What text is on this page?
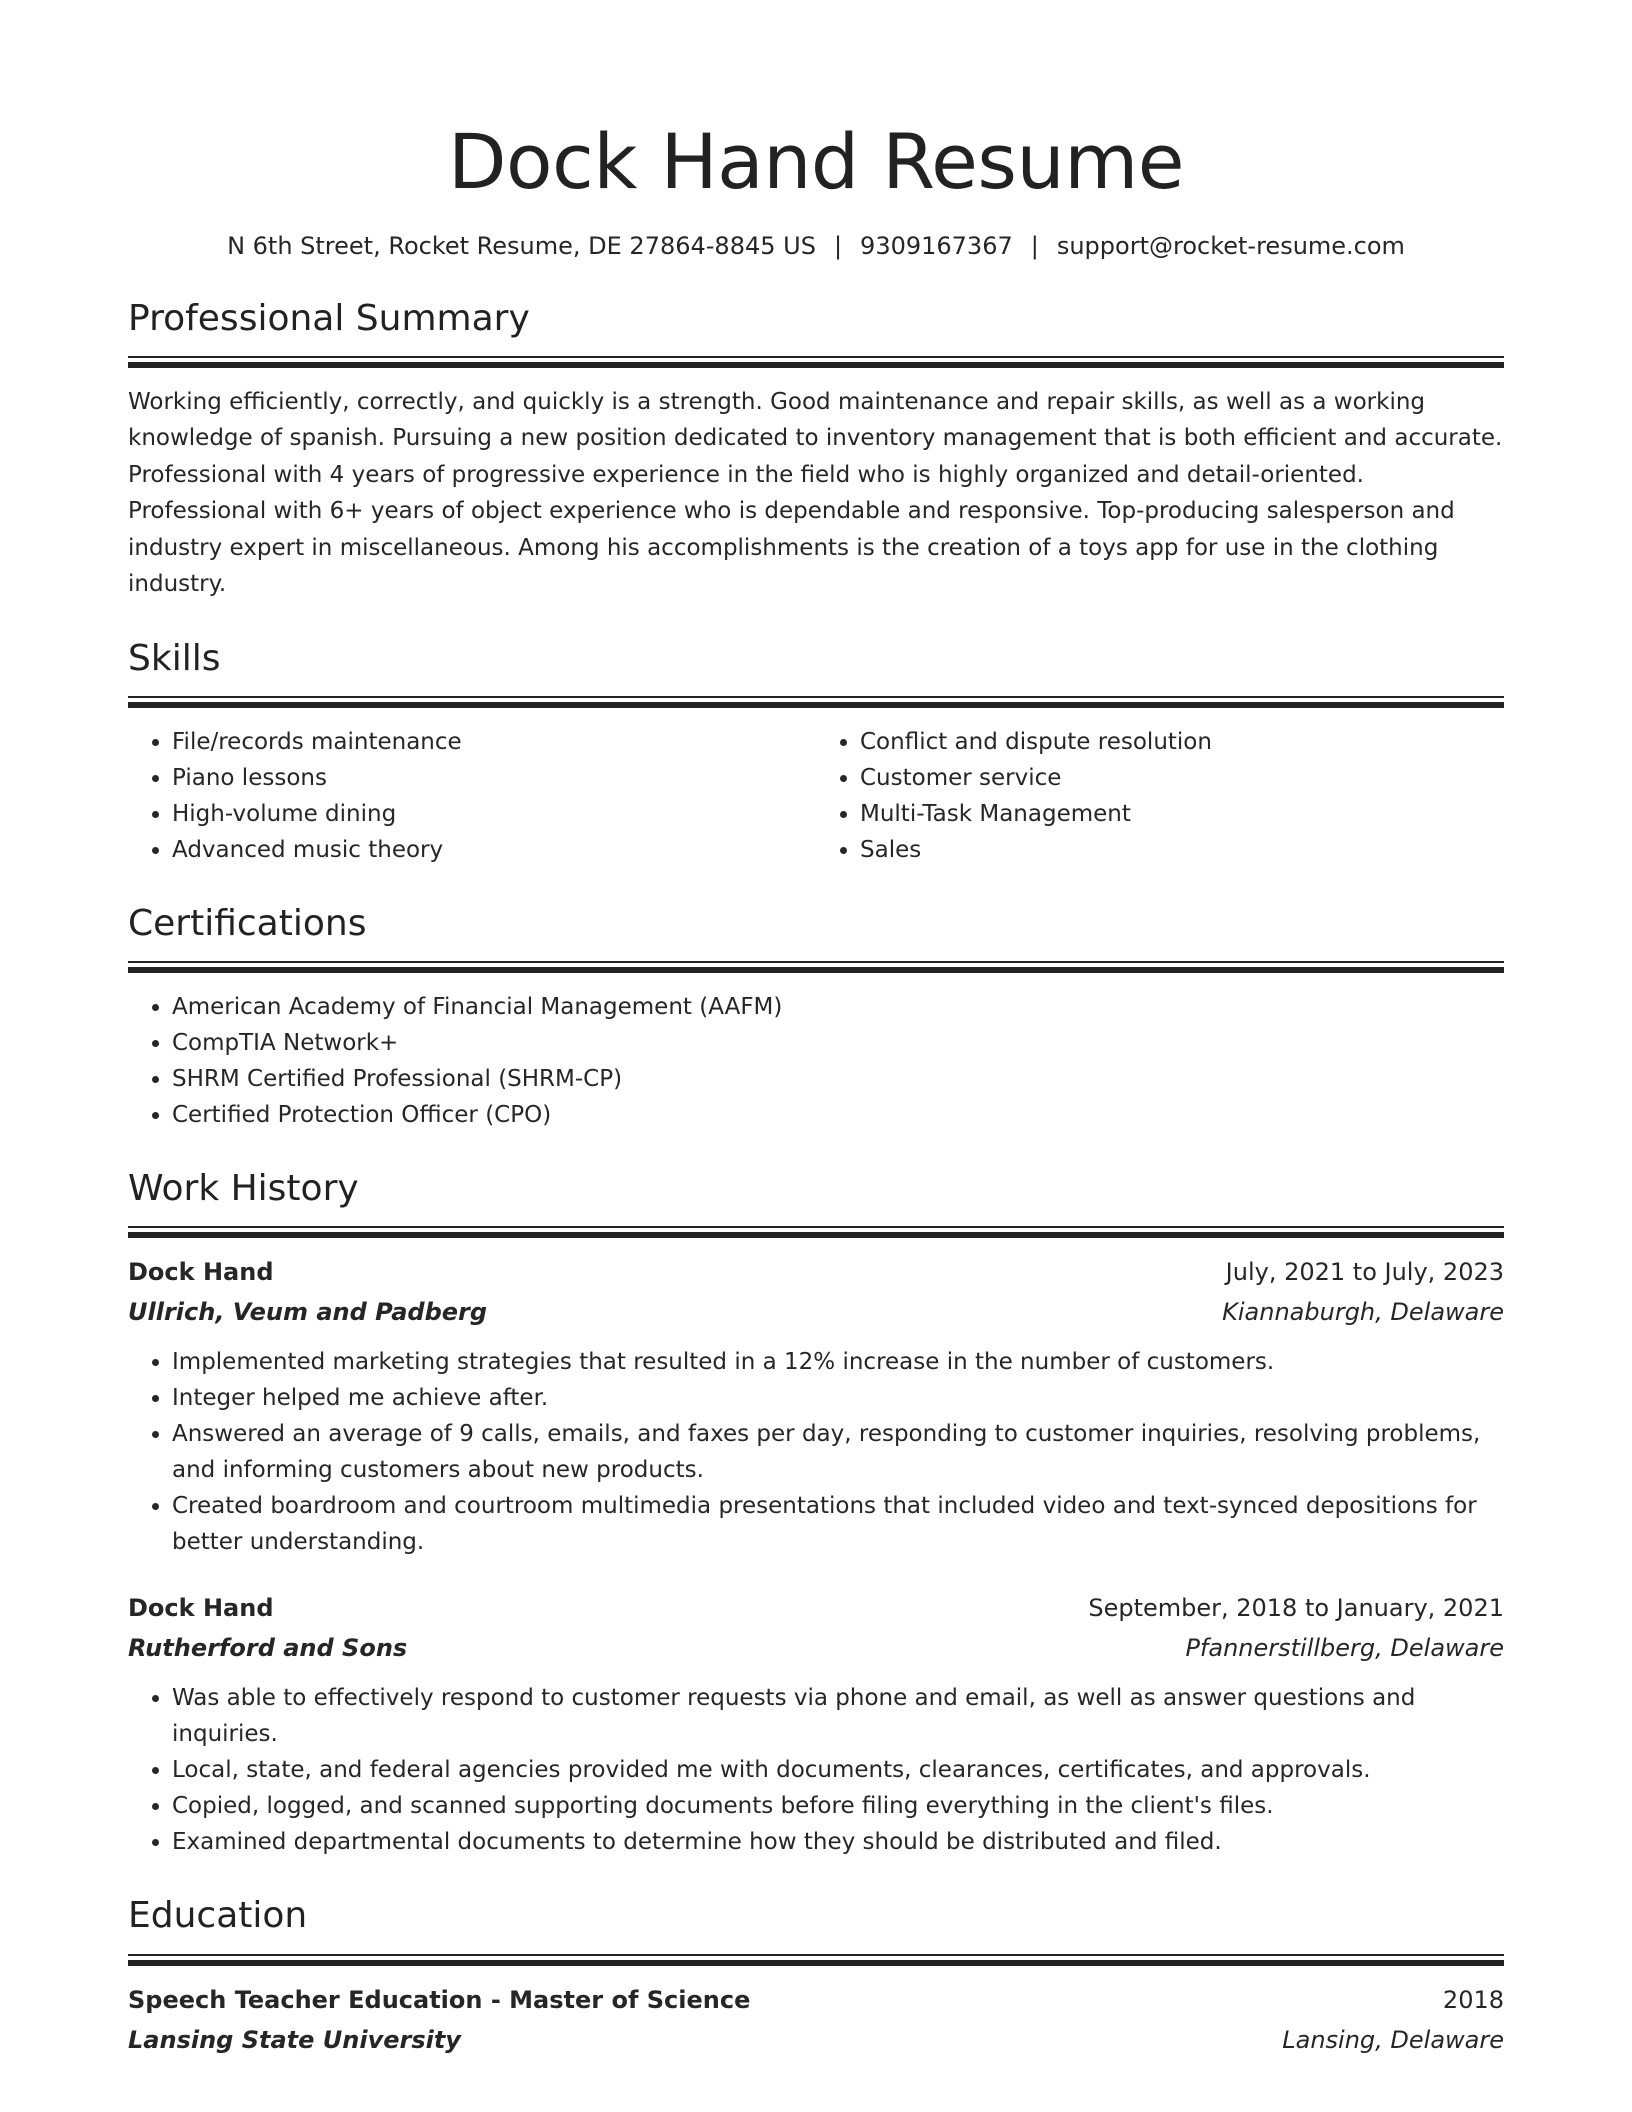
Dock Hand Resume
N 6th Street, Rocket Resume, DE 27864-8845 US | 9309167367 | support@rocket-resume.com
Professional Summary

Working efficiently, correctly, and quickly is a strength. Good maintenance and repair skills, as well as a working knowledge of spanish. Pursuing a new position dedicated to inventory management that is both efficient and accurate. Professional with 4 years of progressive experience in the field who is highly organized and detail-oriented. Professional with 6+ years of object experience who is dependable and responsive. Top-producing salesperson and industry expert in miscellaneous. Among his accomplishments is the creation of a toys app for use in the clothing industry.

Skills
• File/records maintenance
• Piano lessons
• High-volume dining
• Advanced music theory
• Conflict and dispute resolution
• Customer service
• Multi-Task Management
• Sales
Certifications
• American Academy of Financial Management (AAFM)
• CompTIA Network+
• SHRM Certified Professional (SHRM-CP)
• Certified Protection Officer (CPO)
Work History
Dock Hand	July, 2021 to July, 2023
Ullrich, Veum and Padberg	Kiannaburgh, Delaware
• Implemented marketing strategies that resulted in a 12% increase in the number of customers.
• Integer helped me achieve after.
• Answered an average of 9 calls, emails, and faxes per day, responding to customer inquiries, resolving problems, and informing customers about new products.
• Created boardroom and courtroom multimedia presentations that included video and text-synced depositions for better understanding.
Dock Hand	September, 2018 to January, 2021
Rutherford and Sons	Pfannerstillberg, Delaware
• Was able to effectively respond to customer requests via phone and email, as well as answer questions and inquiries.
• Local, state, and federal agencies provided me with documents, clearances, certificates, and approvals.
• Copied, logged, and scanned supporting documents before filing everything in the client's files.
• Examined departmental documents to determine how they should be distributed and filed.
Education
Speech Teacher Education - Master of Science	2018
Lansing State University	Lansing, Delaware
